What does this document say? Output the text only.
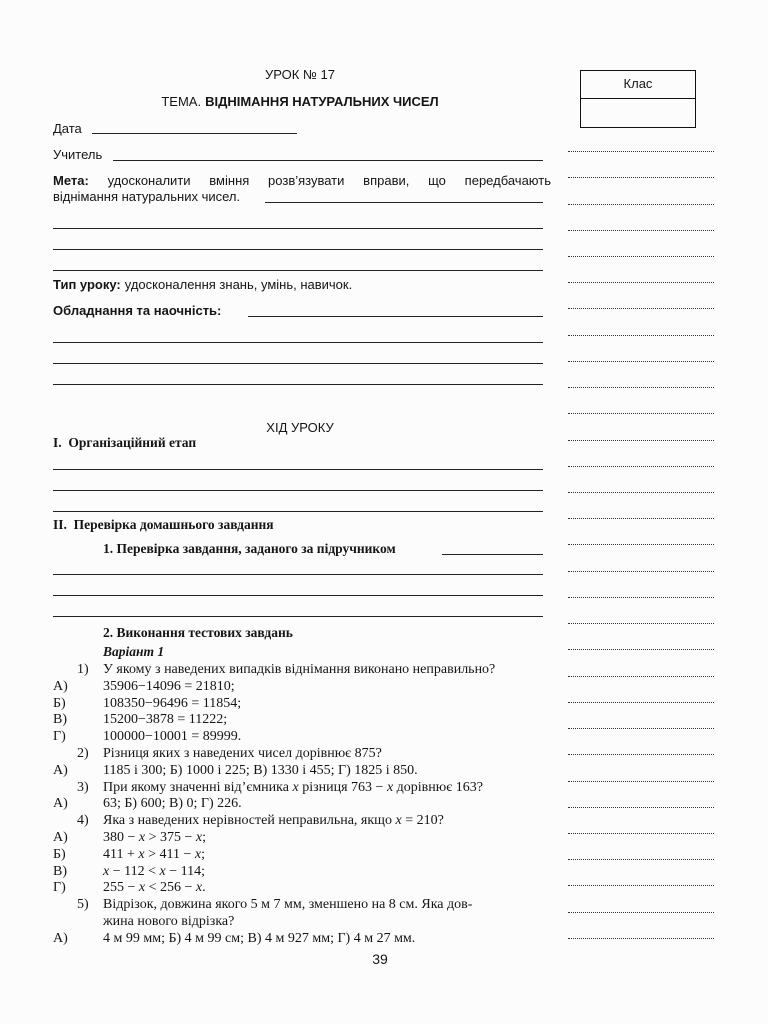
УРОК № 17
ТЕМА. ВІДНІМАННЯ НАТУРАЛЬНИХ ЧИСЕЛ
Клас
Дата
Учитель
Мета: удосконалити вміння розв’язувати вправи, що передбачають
віднімання натуральних чисел.
Тип уроку: удосконалення знань, умінь, навичок.
Обладнання та наочність:
ХІД УРОКУ
I.  Організаційний етап
II.  Перевірка домашнього завдання
1. Перевірка завдання, заданого за підручником
2. Виконання тестових завдань
Варіант 1
1) У якому з наведених випадків віднімання виконано неправильно?
А)	35906−14096 = 21810;
Б)	108350−96496 = 11854;
В)	15200−3878 = 11222;
Г)	100000−10001 = 89999.
2) Різниця яких з наведених чисел дорівнює 875?
А)	1185 і 300; Б) 1000 і 225; В) 1330 і 455; Г) 1825 і 850.
3) При якому значенні від’ємника x різниця 763 − x дорівнює 163?
А)	63; Б) 600; В) 0; Г) 226.
4) Яка з наведених нерівностей неправильна, якщо x = 210?
А)	380 − x > 375 − x;
Б)	411 + x > 411 − x;
В)	x − 112 < x − 114;
Г)	255 − x < 256 − x.
5) Відрізок, довжина якого 5 м 7 мм, зменшено на 8 см. Яка дов-
жина нового відрізка?
А)	4 м 99 мм; Б) 4 м 99 см; В) 4 м 927 мм; Г) 4 м 27 мм.
39
